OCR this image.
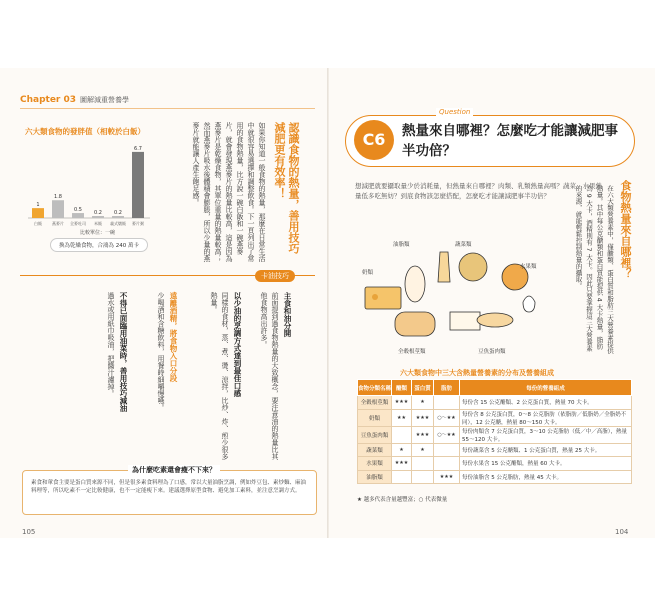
Chapter 03 圖解減重營養學
六大類食物的發胖值（相較於白飯）
1
白飯
1.8
燕麥片
0.5
全麥吐司
0.2
米飯
0.2
義式燉飯
6.7
麥片粥
比較單位：一碗
換為乾燥食物，合鴻為 240 萬卡	認識食物的熱量，善用技巧減肥更有效率！
如果你知道一般食物的熱量，那麼在日常生活中就很容易選擇和調整飲食。下一頁列出了常用的食物熱量，比方說一碗白飯和一碗燕麥片，就會發現燕麥片的熱量比較高，這是因為燕麥片是乾燥食物，其單位重量的熱量較高；然而燕麥片吸水後體積會膨脹，所以少量的燕麥片就能讓人產生飽足感。
卡油技巧
主食和油分開
前面提到過食物熱量的大致概念，要注意油的熱量比其他食物高出許多。
以少油的烹調方式達到最佳口感
同樣的食材，蒸、煮、燙、涼拌，比炒、炸、煎少很多熱量。
遠離酒精，將食物入口分段
少喝酒和含糖飲料，用餐時細嚼慢嚥。
不得已面臨用油菜時，善用技巧減油
過水或用紙巾吸油，把醬汁濾掉。
為什麼吃素還會瘦不下來？
素食和葷食主要是蛋白質來源不同，但是很多素食料理為了口感，常以大量油脂烹調，例如炸豆包、素炒麵、麻油料理等，所以吃素不一定比較健康，也不一定能瘦下來。建議選擇原型食物、避免加工素料，並注意烹調方式。
105
C6
Question
熱量來自哪裡？怎麼吃才能讓減肥事半功倍？
想減肥就要攝取量少於消耗量，但熱量來自哪裡？肉類、乳類熱量高嗎？蔬菜、水果熱量低多吃無妨？到底食物該怎麼搭配，怎麼吃才能讓減肥事半功倍？	食物熱量來自哪裡？
在六大類營養素中，僅醣類、蛋白質和脂肪三大營養素提供熱量。其中每公克醣類和蛋白質能提供 4 大卡熱量，脂肪為 9 大卡，酒精則有 7 大卡。因此只要掌握這三大營養素的來源，就能輕鬆控制熱量的攝取。
油脂類	蔬菜類
奶類
水果類
全穀根莖類	豆魚蛋肉類
六大類食物中三大含熱量營養素的分布及營養組成
食物分類名稱	醣類	蛋白質	脂肪	每份的營養組成
全穀根莖類	★★★	★		每份含 15 公克醣類、2 公克蛋白質，熱量 70 大卡。
奶類	★★	★★★	○～★★	每份含 8 公克蛋白質，0～8 公克脂肪（依脂肪／低脂奶／全脂奶不同），12 公克醣，熱量 80～150 大卡。
豆魚蛋肉類		★★★	○～★★	每份肉類含 7 公克蛋白質，3～10 公克脂肪（低／中／高脂），熱量 55～120 大卡。
蔬菜類	★	★		每份蔬菜含 5 公克醣類、1 公克蛋白質，熱量 25 大卡。
水果類	★★★			每份水果含 15 公克醣類，熱量 60 大卡。
油脂類			★★★	每份油脂含 5 公克脂肪，熱量 45 大卡。
★ 越多代表含量越豐富；○ 代表微量
104
